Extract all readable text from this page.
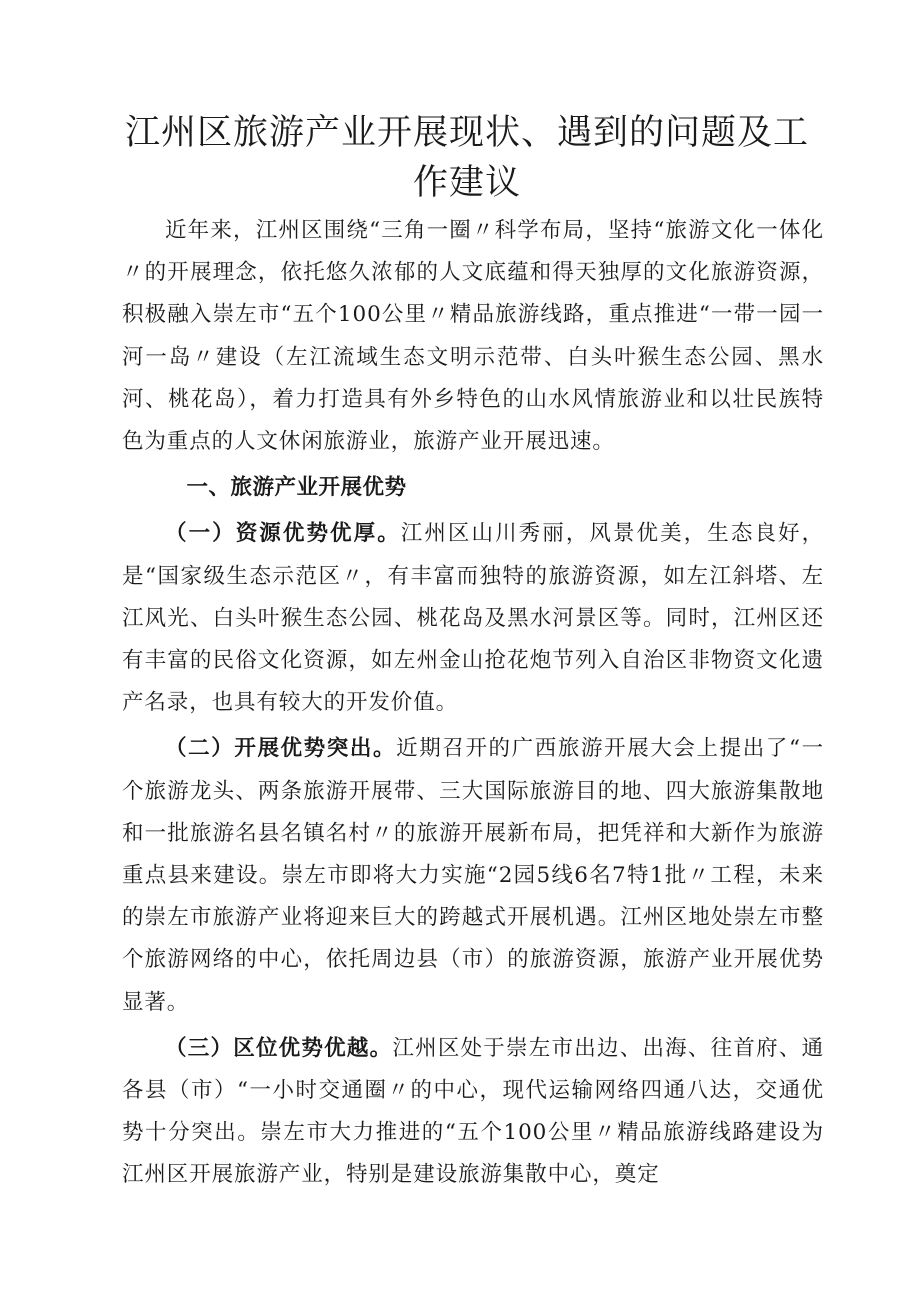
江州区旅游产业开展现状、遇到的问题及工作建议

近年来，江州区围绕“三角一圈〃科学布局，坚持“旅游文化一体化〃的开展理念，依托悠久浓郁的人文底蕴和得天独厚的文化旅游资源，积极融入崇左市“五个100公里〃精品旅游线路，重点推进“一带一园一河一岛〃建设（左江流域生态文明示范带、白头叶猴生态公园、黑水河、桃花岛），着力打造具有外乡特色的山水风情旅游业和以壮民族特色为重点的人文休闲旅游业，旅游产业开展迅速。

一、旅游产业开展优势

（一）资源优势优厚。江州区山川秀丽，风景优美，生态良好，是“国家级生态示范区〃，有丰富而独特的旅游资源，如左江斜塔、左江风光、白头叶猴生态公园、桃花岛及黑水河景区等。同时，江州区还有丰富的民俗文化资源，如左州金山抢花炮节列入自治区非物资文化遗产名录，也具有较大的开发价值。

（二）开展优势突出。近期召开的广西旅游开展大会上提出了“一个旅游龙头、两条旅游开展带、三大国际旅游目的地、四大旅游集散地和一批旅游名县名镇名村〃的旅游开展新布局，把凭祥和大新作为旅游重点县来建设。崇左市即将大力实施“2园5线6名7特1批〃工程，未来的崇左市旅游产业将迎来巨大的跨越式开展机遇。江州区地处崇左市整个旅游网络的中心，依托周边县（市）的旅游资源，旅游产业开展优势显著。

（三）区位优势优越。江州区处于崇左市出边、出海、往首府、通各县（市）“一小时交通圈〃的中心，现代运输网络四通八达，交通优势十分突出。崇左市大力推进的“五个100公里〃精品旅游线路建设为江州区开展旅游产业，特别是建设旅游集散中心，奠定
